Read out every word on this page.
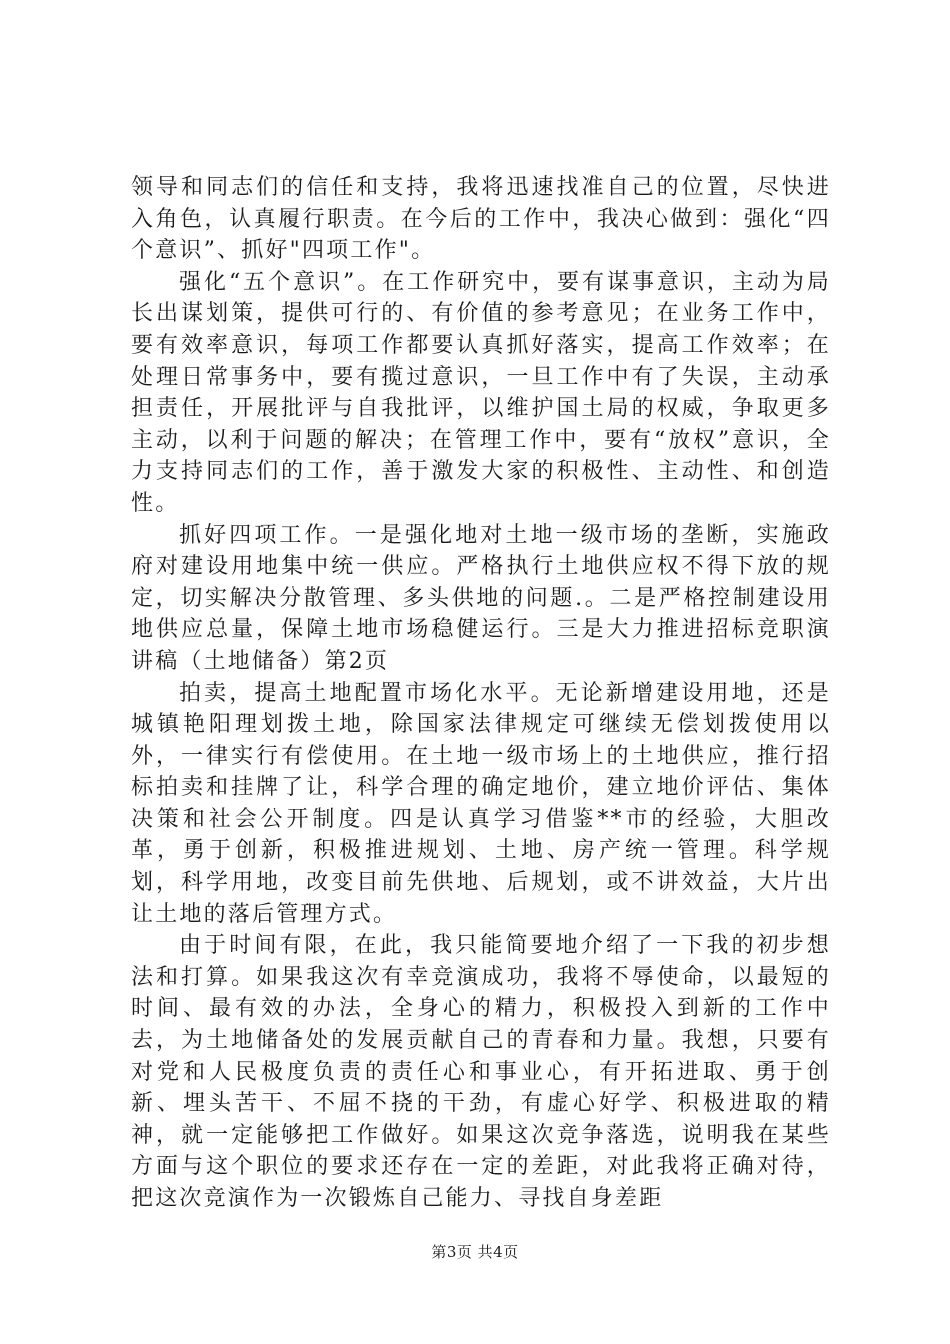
领导和同志们的信任和支持，我将迅速找准自己的位置，尽快进入角色，认真履行职责。在今后的工作中，我决心做到：强化“四个意识”、抓好"四项工作"。

强化“五个意识”。在工作研究中，要有谋事意识，主动为局长出谋划策，提供可行的、有价值的参考意见；在业务工作中，要有效率意识，每项工作都要认真抓好落实，提高工作效率；在处理日常事务中，要有揽过意识，一旦工作中有了失误，主动承担责任，开展批评与自我批评，以维护国土局的权威，争取更多主动，以利于问题的解决；在管理工作中，要有“放权”意识，全力支持同志们的工作，善于激发大家的积极性、主动性、和创造性。

抓好四项工作。一是强化地对土地一级市场的垄断，实施政府对建设用地集中统一供应。严格执行土地供应权不得下放的规定，切实解决分散管理、多头供地的问题.。二是严格控制建设用地供应总量，保障土地市场稳健运行。三是大力推进招标竞职演讲稿（土地储备）第2页

拍卖，提高土地配置市场化水平。无论新增建设用地，还是城镇艳阳理划拨土地，除国家法律规定可继续无偿划拨使用以外，一律实行有偿使用。在土地一级市场上的土地供应，推行招标拍卖和挂牌了让，科学合理的确定地价，建立地价评估、集体决策和社会公开制度。四是认真学习借鉴**市的经验，大胆改革，勇于创新，积极推进规划、土地、房产统一管理。科学规划，科学用地，改变目前先供地、后规划，或不讲效益，大片出让土地的落后管理方式。

由于时间有限，在此，我只能简要地介绍了一下我的初步想法和打算。如果我这次有幸竞演成功，我将不辱使命，以最短的时间、最有效的办法，全身心的精力，积极投入到新的工作中去，为土地储备处的发展贡献自己的青春和力量。我想，只要有对党和人民极度负责的责任心和事业心，有开拓进取、勇于创新、埋头苦干、不屈不挠的干劲，有虚心好学、积极进取的精神，就一定能够把工作做好。如果这次竞争落选，说明我在某些方面与这个职位的要求还存在一定的差距，对此我将正确对待，把这次竞演作为一次锻炼自己能力、寻找自身差距

第3页 共4页
